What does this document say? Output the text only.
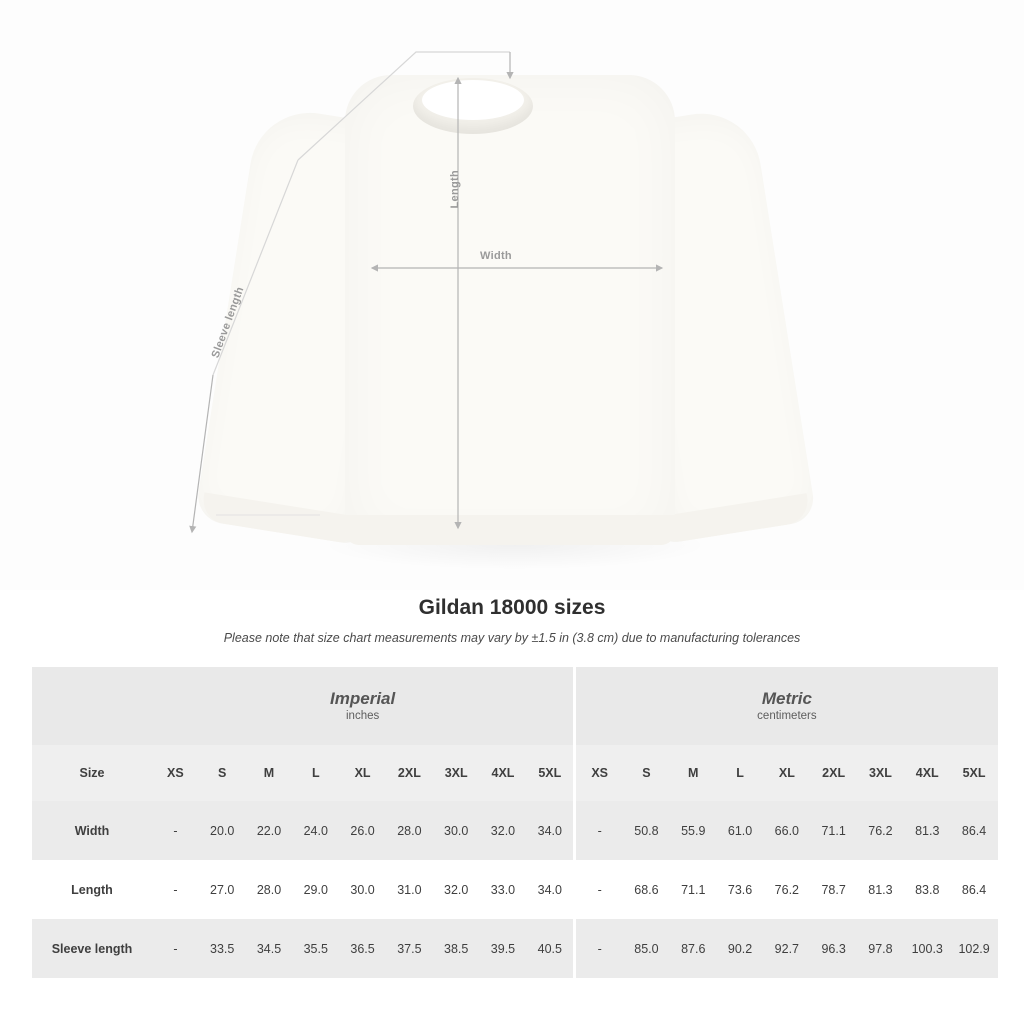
Length
Width
Sleeve length
Gildan 18000 sizes
Please note that size chart measurements may vary by ±1.5 in (3.8 cm) due to manufacturing tolerances

	Imperial
inches										Metric
centimeters								

Size	XS	S	M	L	XL	2XL	3XL	4XL	5XL		XS	S	M	L	XL	2XL	3XL	4XL	5XL
Width	-	20.0	22.0	24.0	26.0	28.0	30.0	32.0	34.0		-	50.8	55.9	61.0	66.0	71.1	76.2	81.3	86.4
Length	-	27.0	28.0	29.0	30.0	31.0	32.0	33.0	34.0		-	68.6	71.1	73.6	76.2	78.7	81.3	83.8	86.4
Sleeve length	-	33.5	34.5	35.5	36.5	37.5	38.5	39.5	40.5		-	85.0	87.6	90.2	92.7	96.3	97.8	100.3	102.9
